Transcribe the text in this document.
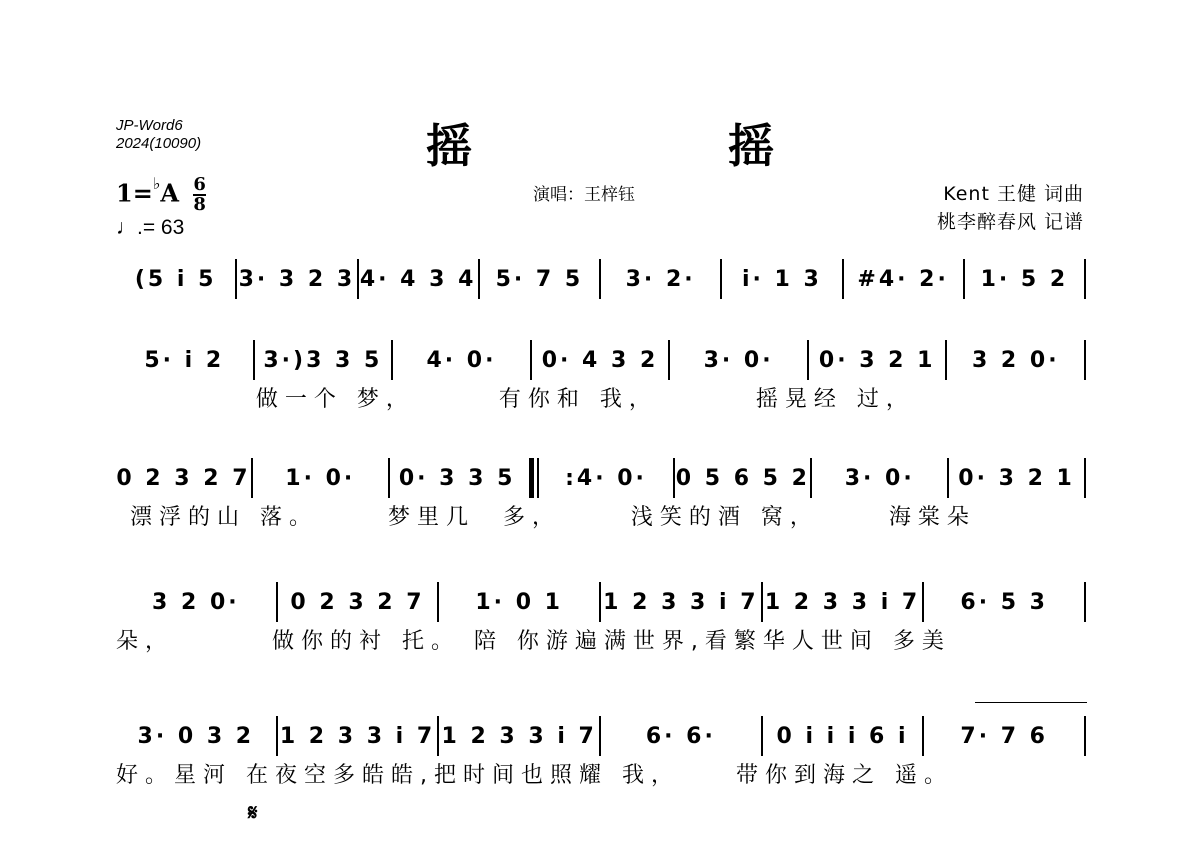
JP-Word6
2024(10090)	摇 摇
演唱：王梓钰	Kent 王健 词曲
桃李醉春风 记谱
$1=^♭A \frac{6}{8}$
♩.= 63
(5 i 5	3· 3 2 3 4· 4 3 4 5· 7 5	3· 2·	i· 1 3	#4· 2·	1· 5 2
5· i 2	3·)3 3 5	4· 0·	0· 4 3 2	3· 0·	0· 3 2 1	3 2 0·
做一个 梦，      有你和 我，       摇晃经 过，
0 2 3 2 7	1· 0·	0· 3 3 5	:4· 0·	0 5 6 5 2	3· 0·	0· 3 2 1
漂浮的山 落。     梦里几  多，     浅笑的酒 窝，     海棠朵
3 2 0·	0 2 3 2 7	1· 0 1	1 2 3 3 i 7 1 2 3 3 i 7	6· 5 3
朵，       做你的衬 托。 陪 你游遍满世界,看繁华人世间 多美
3· 0 3 2	1 2 3 3 i 7 1 2 3 3 i 7	6· 6·	0 i i i 6 i	7· 7 6
好。星河 在夜空多皓皓,把时间也照耀 我，    带你到海之 遥。
𝄋
